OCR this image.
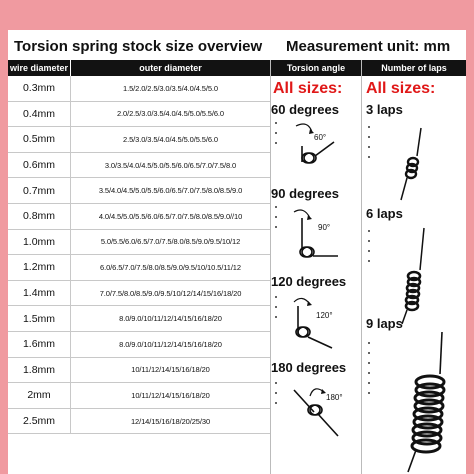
Torsion spring stock size overview Measurement unit: mm
wire diameter	outer diameter	Torsion angle	Number of laps
0.3mm	1.5/2.0/2.5/3.0/3.5/4.0/4.5/5.0
0.4mm	2.0/2.5/3.0/3.5/4.0/4.5/5.0/5.5/6.0
0.5mm	2.5/3.0/3.5/4.0/4.5/5.0/5.5/6.0
0.6mm	3.0/3.5/4.0/4.5/5.0/5.5/6.0/6.5/7.0/7.5/8.0
0.7mm	3.5/4.0/4.5/5.0/5.5/6.0/6.5/7.0/7.5/8.0/8.5/9.0
0.8mm	4.0/4.5/5.0/5.5/6.0/6.5/7.0/7.5/8.0/8.5/9.0//10
1.0mm	5.0/5.5/6.0/6.5/7.0/7.5/8.0/8.5/9.0/9.5/10/12
1.2mm	6.0/6.5/7.0/7.5/8.0/8.5/9.0/9.5/10/10.5/11/12
1.4mm	7.0/7.5/8.0/8.5/9.0/9.5/10/12/14/15/16/18/20
1.5mm	8.0/9.0/10/11/12/14/15/16/18/20
1.6mm	8.0/9.0/10/11/12/14/15/16/18/20
1.8mm	10/11/12/14/15/16/18/20
2mm	10/11/12/14/15/16/18/20
2.5mm	12/14/15/16/18/20/25/30
All sizes:
60 degrees
60°
90 degrees
90°
120 degrees
120°
180 degrees
180°
All sizes:
3 laps
6 laps
9 laps
